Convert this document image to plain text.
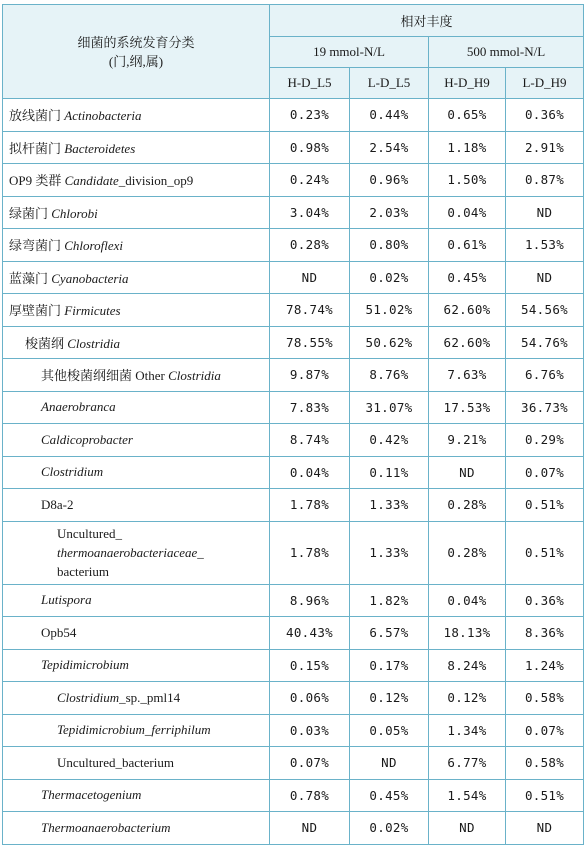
细菌的系统发育分类
(门,纲,属)	相对丰度			
	19 mmol-N/L		500 mmol-N/L	
	H-D_L5	L-D_L5	H-D_H9	L-D_H9
放线菌门 Actinobacteria	0.23%	0.44%	0.65%	0.36%
拟杆菌门 Bacteroidetes	0.98%	2.54%	1.18%	2.91%
OP9 类群 Candidate_division_op9	0.24%	0.96%	1.50%	0.87%
绿菌门 Chlorobi	3.04%	2.03%	0.04%	ND
绿弯菌门 Chloroflexi	0.28%	0.80%	0.61%	1.53%
蓝藻门 Cyanobacteria	ND	0.02%	0.45%	ND
厚壁菌门 Firmicutes	78.74%	51.02%	62.60%	54.56%
梭菌纲 Clostridia	78.55%	50.62%	62.60%	54.76%
其他梭菌纲细菌 Other Clostridia	9.87%	8.76%	7.63%	6.76%
Anaerobranca	7.83%	31.07%	17.53%	36.73%
Caldicoprobacter	8.74%	0.42%	9.21%	0.29%
Clostridium	0.04%	0.11%	ND	0.07%
D8a-2	1.78%	1.33%	0.28%	0.51%

Uncultured_
thermoanaerobacteriaceae_
bacterium	1.78%	1.33%	0.28%	0.51%
Lutispora	8.96%	1.82%	0.04%	0.36%
Opb54	40.43%	6.57%	18.13%	8.36%
Tepidimicrobium	0.15%	0.17%	8.24%	1.24%
Clostridium_sp._pml14	0.06%	0.12%	0.12%	0.58%
Tepidimicrobium_ferriphilum	0.03%	0.05%	1.34%	0.07%
Uncultured_bacterium	0.07%	ND	6.77%	0.58%
Thermacetogenium	0.78%	0.45%	1.54%	0.51%
Thermoanaerobacterium	ND	0.02%	ND	ND
